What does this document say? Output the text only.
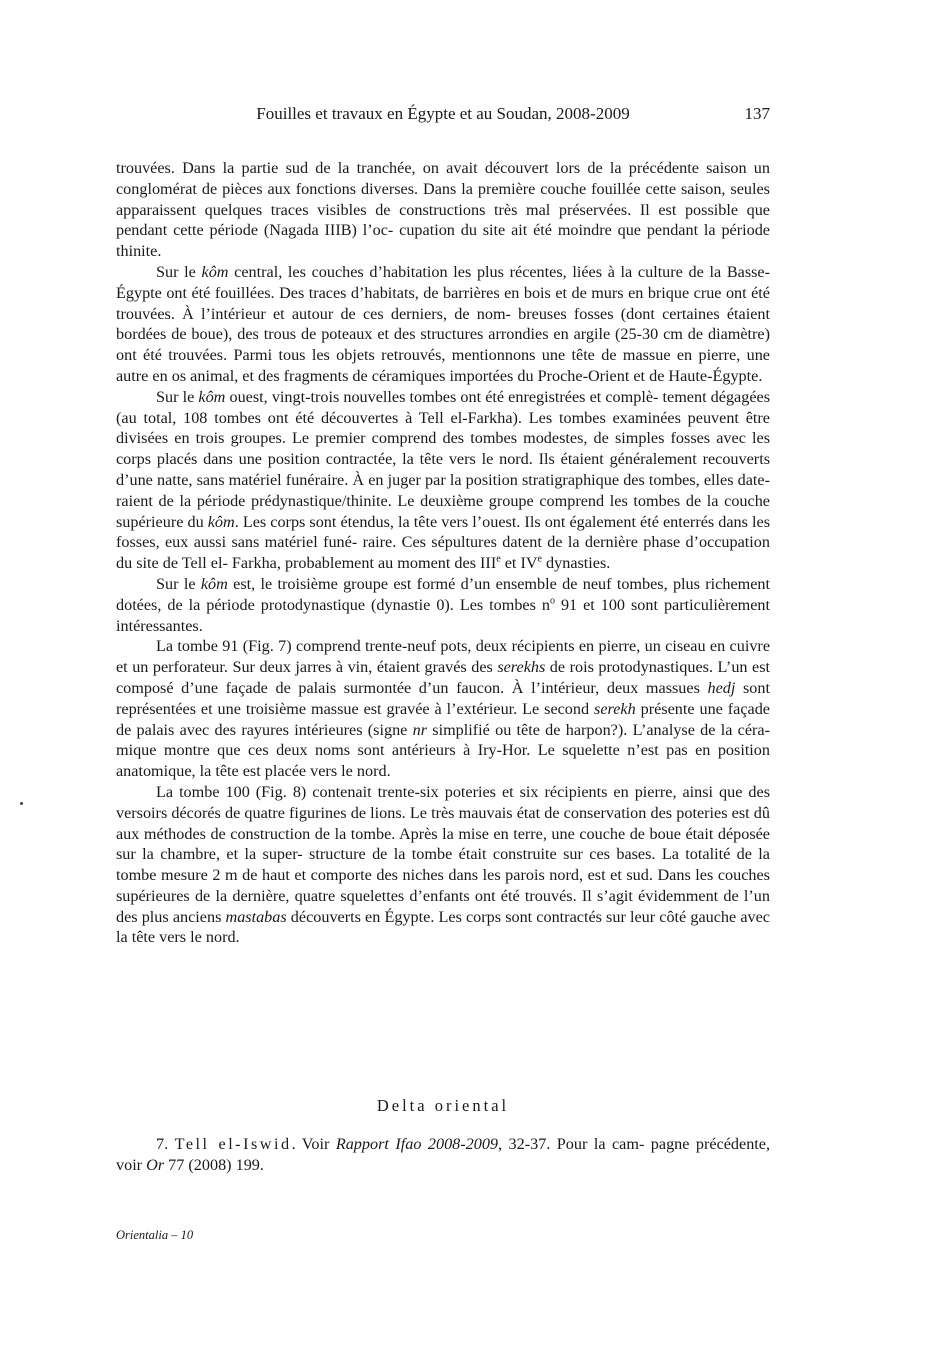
Fouilles et travaux en Égypte et au Soudan, 2008-2009	137

trouvées. Dans la partie sud de la tranchée, on avait découvert lors de la précédente saison un conglomérat de pièces aux fonctions diverses. Dans la première couche fouillée cette saison, seules apparaissent quelques traces visibles de constructions très mal préservées. Il est possible que pendant cette période (Nagada IIIB) l’oc- cupation du site ait été moindre que pendant la période thinite.

Sur le kôm central, les couches d’habitation les plus récentes, liées à la culture de la Basse-Égypte ont été fouillées. Des traces d’habitats, de barrières en bois et de murs en brique crue ont été trouvées. À l’intérieur et autour de ces derniers, de nom- breuses fosses (dont certaines étaient bordées de boue), des trous de poteaux et des structures arrondies en argile (25-30 cm de diamètre) ont été trouvées. Parmi tous les objets retrouvés, mentionnons une tête de massue en pierre, une autre en os animal, et des fragments de céramiques importées du Proche-Orient et de Haute-Égypte.

Sur le kôm ouest, vingt-trois nouvelles tombes ont été enregistrées et complè- tement dégagées (au total, 108 tombes ont été découvertes à Tell el-Farkha). Les tombes examinées peuvent être divisées en trois groupes. Le premier comprend des tombes modestes, de simples fosses avec les corps placés dans une position contractée, la tête vers le nord. Ils étaient généralement recouverts d’une natte, sans matériel funéraire. À en juger par la position stratigraphique des tombes, elles date- raient de la période prédynastique/thinite. Le deuxième groupe comprend les tombes de la couche supérieure du kôm. Les corps sont étendus, la tête vers l’ouest. Ils ont également été enterrés dans les fosses, eux aussi sans matériel funé- raire. Ces sépultures datent de la dernière phase d’occupation du site de Tell el- Farkha, probablement au moment des IIIe et IVe dynasties.

Sur le kôm est, le troisième groupe est formé d’un ensemble de neuf tombes, plus richement dotées, de la période protodynastique (dynastie 0). Les tombes $n^o$ 91 et 100 sont particulièrement intéressantes.

La tombe 91 (Fig. 7) comprend trente-neuf pots, deux récipients en pierre, un ciseau en cuivre et un perforateur. Sur deux jarres à vin, étaient gravés des serekhs de rois protodynastiques. L’un est composé d’une façade de palais surmontée d’un faucon. À l’intérieur, deux massues hedj sont représentées et une troisième massue est gravée à l’extérieur. Le second serekh présente une façade de palais avec des rayures intérieures (signe nr simplifié ou tête de harpon?). L’analyse de la céra- mique montre que ces deux noms sont antérieurs à Iry-Hor. Le squelette n’est pas en position anatomique, la tête est placée vers le nord.

La tombe 100 (Fig. 8) contenait trente-six poteries et six récipients en pierre, ainsi que des versoirs décorés de quatre figurines de lions. Le très mauvais état de conservation des poteries est dû aux méthodes de construction de la tombe. Après la mise en terre, une couche de boue était déposée sur la chambre, et la super- structure de la tombe était construite sur ces bases. La totalité de la tombe mesure 2 m de haut et comporte des niches dans les parois nord, est et sud. Dans les couches supérieures de la dernière, quatre squelettes d’enfants ont été trouvés. Il s’agit évidemment de l’un des plus anciens mastabas découverts en Égypte. Les corps sont contractés sur leur côté gauche avec la tête vers le nord.

Delta oriental
7. Tell el-Iswid. Voir Rapport Ifao 2008-2009, 32-37. Pour la cam- pagne précédente, voir Or 77 (2008) 199.
Orientalia – 10
